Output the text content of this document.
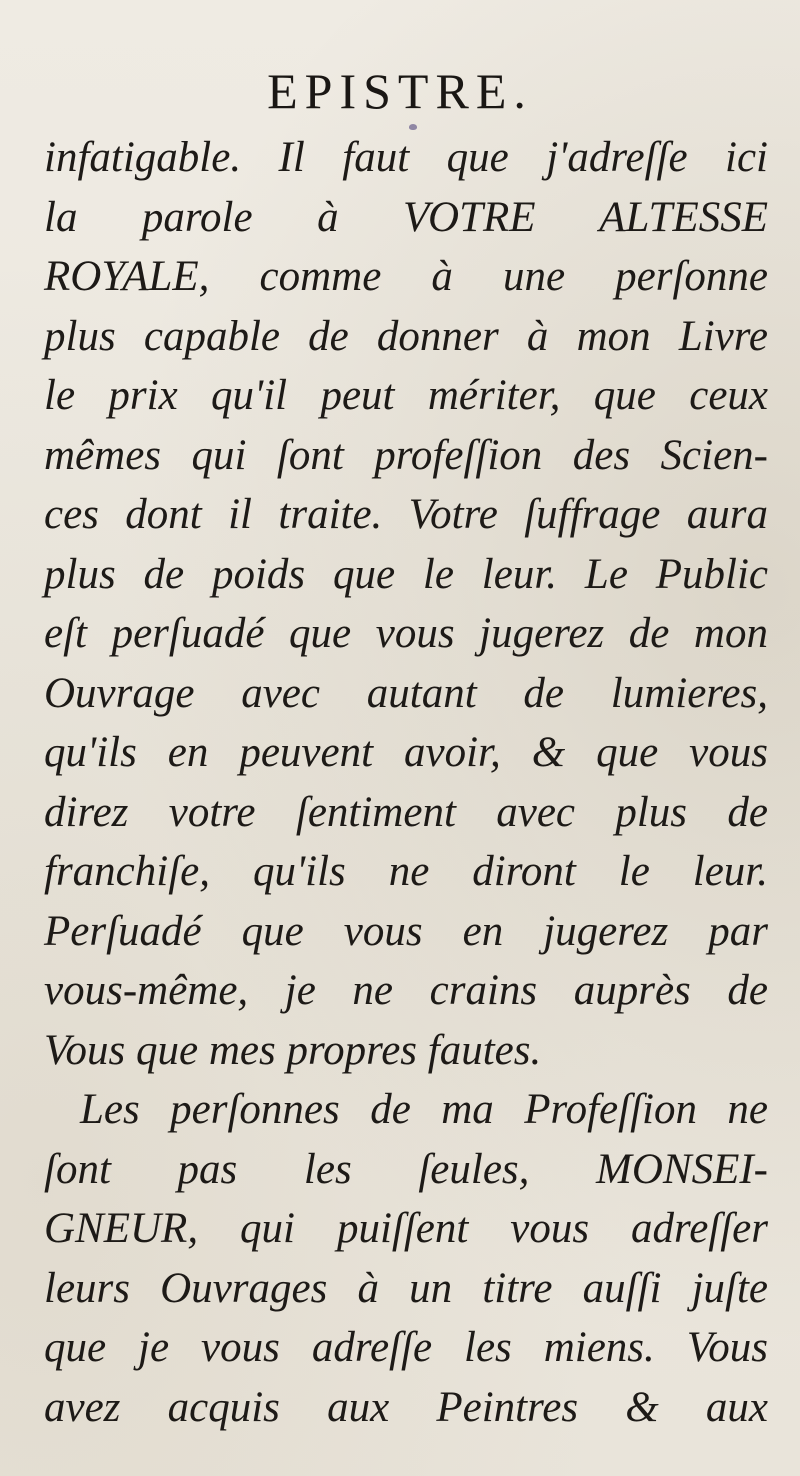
EPISTRE.
infatigable. Il faut que j'adreſſe ici
la parole à VOTRE ALTESSE
ROYALE, comme à une perſonne
plus capable de donner à mon Livre
le prix qu'il peut mériter, que ceux
mêmes qui ſont profeſſion des Scien-
ces dont il traite. Votre ſuffrage aura
plus de poids que le leur. Le Public
eſt perſuadé que vous jugerez de mon
Ouvrage avec autant de lumieres,
qu'ils en peuvent avoir, & que vous
direz votre ſentiment avec plus de
franchiſe, qu'ils ne diront le leur.
Perſuadé que vous en jugerez par
vous-même, je ne crains auprès de
Vous que mes propres fautes.
Les perſonnes de ma Profeſſion ne
ſont pas les ſeules, MONSEI-
GNEUR, qui puiſſent vous adreſſer
leurs Ouvrages à un titre auſſi juſte
que je vous adreſſe les miens. Vous
avez acquis aux Peintres & aux
